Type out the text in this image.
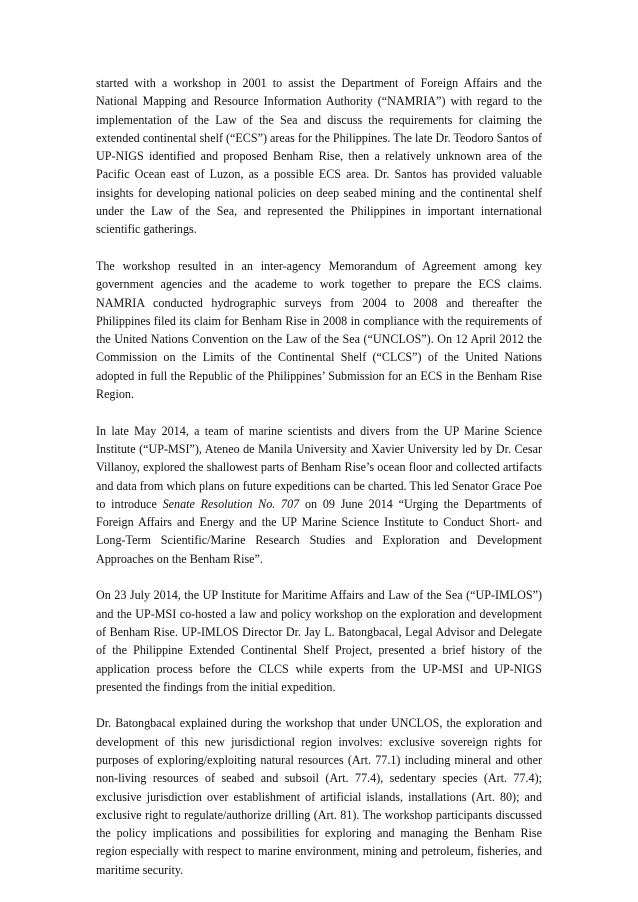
started with a workshop in 2001 to assist the Department of Foreign Affairs and the National Mapping and Resource Information Authority (“NAMRIA”) with regard to the implementation of the Law of the Sea and discuss the requirements for claiming the extended continental shelf (“ECS”) areas for the Philippines. The late Dr. Teodoro Santos of UP-NIGS identified and proposed Benham Rise, then a relatively unknown area of the Pacific Ocean east of Luzon, as a possible ECS area. Dr. Santos has provided valuable insights for developing national policies on deep seabed mining and the continental shelf under the Law of the Sea, and represented the Philippines in important international scientific gatherings.

The workshop resulted in an inter-agency Memorandum of Agreement among key government agencies and the academe to work together to prepare the ECS claims. NAMRIA conducted hydrographic surveys from 2004 to 2008 and thereafter the Philippines filed its claim for Benham Rise in 2008 in compliance with the requirements of the United Nations Convention on the Law of the Sea (“UNCLOS”). On 12 April 2012 the Commission on the Limits of the Continental Shelf (“CLCS”) of the United Nations adopted in full the Republic of the Philippines’ Submission for an ECS in the Benham Rise Region.

In late May 2014, a team of marine scientists and divers from the UP Marine Science Institute (“UP-MSI”), Ateneo de Manila University and Xavier University led by Dr. Cesar Villanoy, explored the shallowest parts of Benham Rise’s ocean floor and collected artifacts and data from which plans on future expeditions can be charted. This led Senator Grace Poe to introduce Senate Resolution No. 707 on 09 June 2014 “Urging the Departments of Foreign Affairs and Energy and the UP Marine Science Institute to Conduct Short- and Long-Term Scientific/Marine Research Studies and Exploration and Development Approaches on the Benham Rise”.

On 23 July 2014, the UP Institute for Maritime Affairs and Law of the Sea (“UP-IMLOS”) and the UP-MSI co-hosted a law and policy workshop on the exploration and development of Benham Rise. UP-IMLOS Director Dr. Jay L. Batongbacal, Legal Advisor and Delegate of the Philippine Extended Continental Shelf Project, presented a brief history of the application process before the CLCS while experts from the UP-MSI and UP-NIGS presented the findings from the initial expedition.

Dr. Batongbacal explained during the workshop that under UNCLOS, the exploration and development of this new jurisdictional region involves: exclusive sovereign rights for purposes of exploring/exploiting natural resources (Art. 77.1) including mineral and other non-living resources of seabed and subsoil (Art. 77.4), sedentary species (Art. 77.4); exclusive jurisdiction over establishment of artificial islands, installations (Art. 80); and exclusive right to regulate/authorize drilling (Art. 81). The workshop participants discussed the policy implications and possibilities for exploring and managing the Benham Rise region especially with respect to marine environment, mining and petroleum, fisheries, and maritime security.
